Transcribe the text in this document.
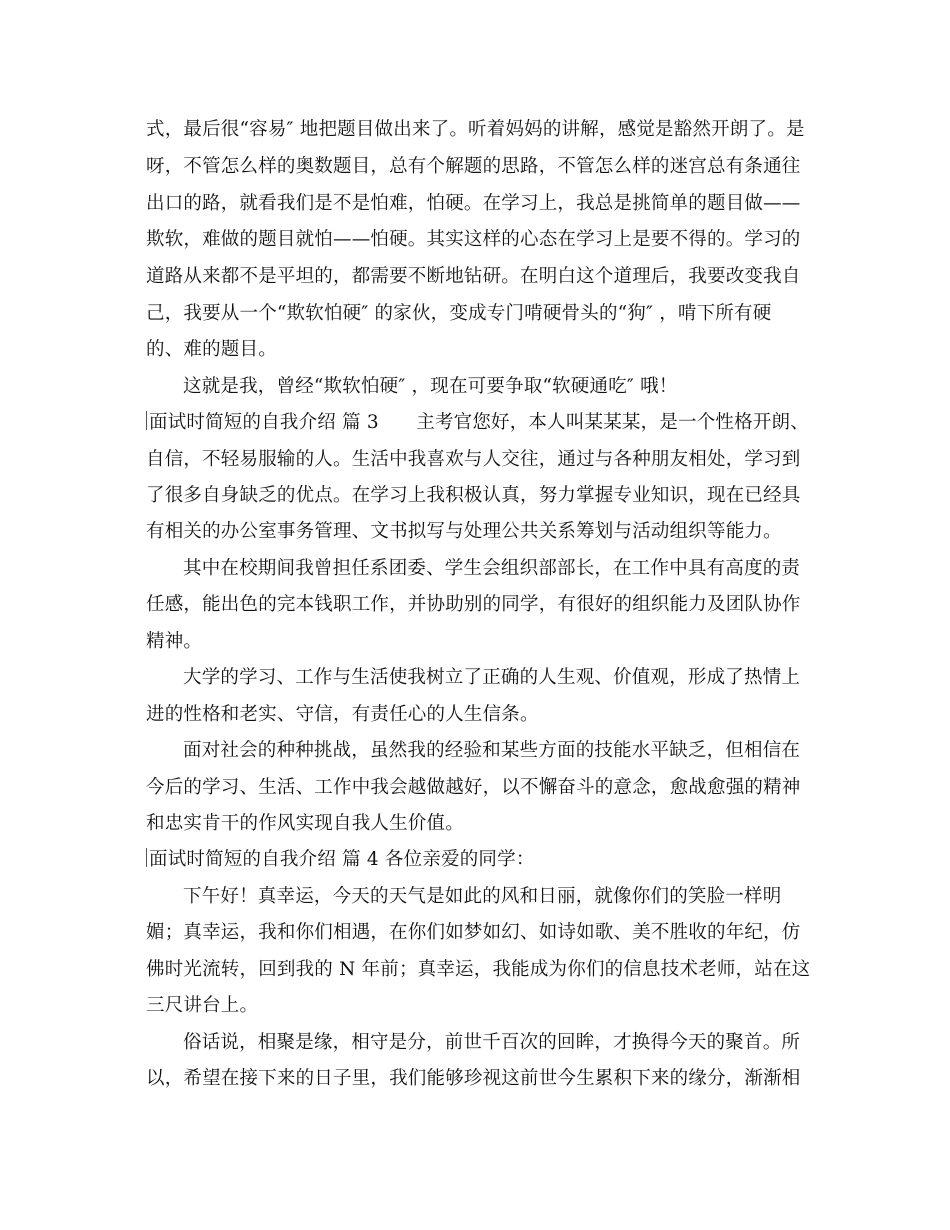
式，最后很“容易″ 地把题目做出来了。听着妈妈的讲解，感觉是豁然开朗了。是
呀，不管怎么样的奥数题目，总有个解题的思路，不管怎么样的迷宫总有条通往
出口的路，就看我们是不是怕难，怕硬。在学习上，我总是挑简单的题目做——
欺软，难做的题目就怕——怕硬。其实这样的心态在学习上是要不得的。学习的
道路从来都不是平坦的，都需要不断地钻研。在明白这个道理后，我要改变我自
己，我要从一个“欺软怕硬″ 的家伙，变成专门啃硬骨头的“狗″ ，啃下所有硬
的、难的题目。
这就是我，曾经“欺软怕硬″ ，现在可要争取“软硬通吃″ 哦！
面试时简短的自我介绍 篇 3　　主考官您好，本人叫某某某，是一个性格开朗、
自信，不轻易服输的人。生活中我喜欢与人交往，通过与各种朋友相处，学习到
了很多自身缺乏的优点。在学习上我积极认真，努力掌握专业知识，现在已经具
有相关的办公室事务管理、文书拟写与处理公共关系筹划与活动组织等能力。
其中在校期间我曾担任系团委、学生会组织部部长，在工作中具有高度的责
任感，能出色的完本钱职工作，并协助别的同学，有很好的组织能力及团队协作
精神。
大学的学习、工作与生活使我树立了正确的人生观、价值观，形成了热情上
进的性格和老实、守信，有责任心的人生信条。
面对社会的种种挑战，虽然我的经验和某些方面的技能水平缺乏，但相信在
今后的学习、生活、工作中我会越做越好，以不懈奋斗的意念，愈战愈强的精神
和忠实肯干的作风实现自我人生价值。
面试时简短的自我介绍 篇 4 各位亲爱的同学：
下午好！真幸运，今天的天气是如此的风和日丽，就像你们的笑脸一样明
媚；真幸运，我和你们相遇，在你们如梦如幻、如诗如歌、美不胜收的年纪，仿
佛时光流转，回到我的 N 年前；真幸运，我能成为你们的信息技术老师，站在这
三尺讲台上。
俗话说，相聚是缘，相守是分，前世千百次的回眸，才换得今天的聚首。所
以，希望在接下来的日子里，我们能够珍视这前世今生累积下来的缘分，渐渐相
